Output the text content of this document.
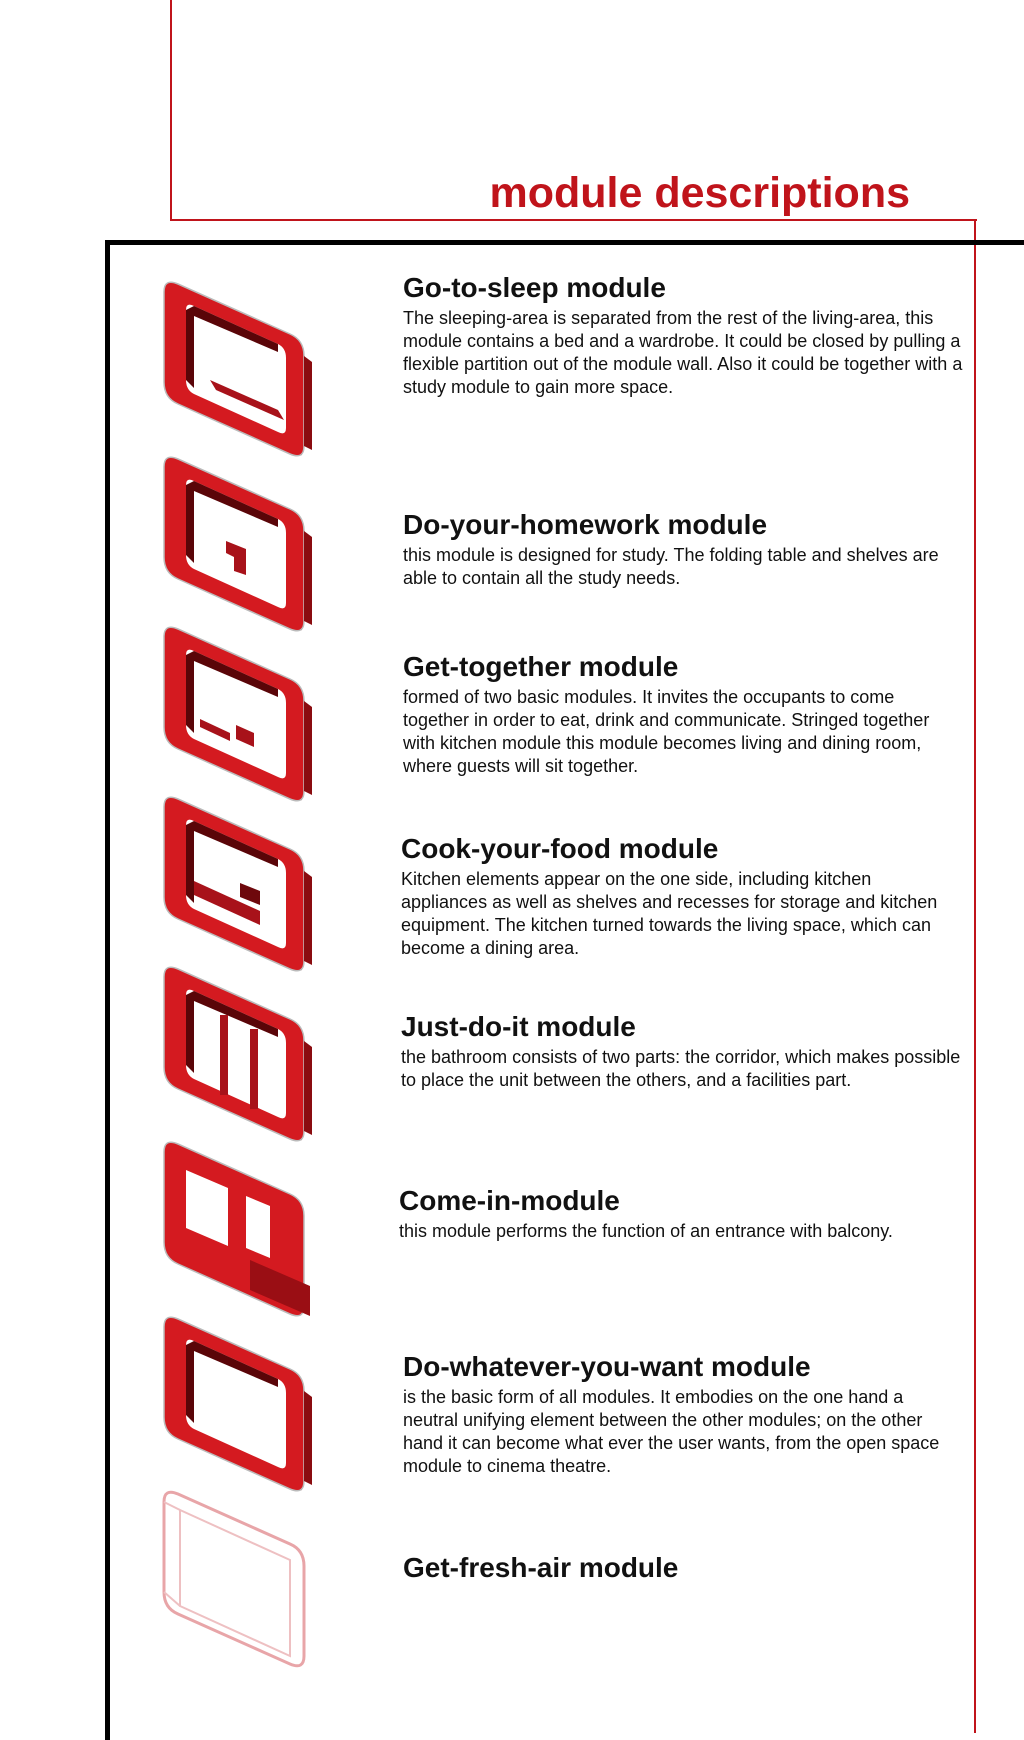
module descriptions
Go-to-sleep module

The sleeping-area is separated from the rest of the living-area, this module contains a bed and a wardrobe. It could be closed by pulling a flexible partition out of the module wall. Also it could be together with a study module to gain more space.

Do-your-homework module

this module is designed for study. The folding table and shelves are able to contain all the study needs.

Get-together module

formed of two basic modules. It invites the occupants to come together in order to eat, drink and communicate. Stringed together with kitchen module this module becomes living and dining room, where guests will sit together.

Cook-your-food module

Kitchen elements appear on the one side, including kitchen appliances as well as shelves and recesses for storage and kitchen equipment. The kitchen turned towards the living space, which can become a dining area.

Just-do-it module

the bathroom consists of two parts: the corridor, which makes possible to place the unit between the others, and a facilities part.

Come-in-module

this module performs the function of an entrance with balcony.

Do-whatever-you-want module

is the basic form of all modules. It embodies on the one hand a neutral unifying element between the other modules; on the other hand it can become what ever the user wants, from the open space module to cinema theatre.

Get-fresh-air module
